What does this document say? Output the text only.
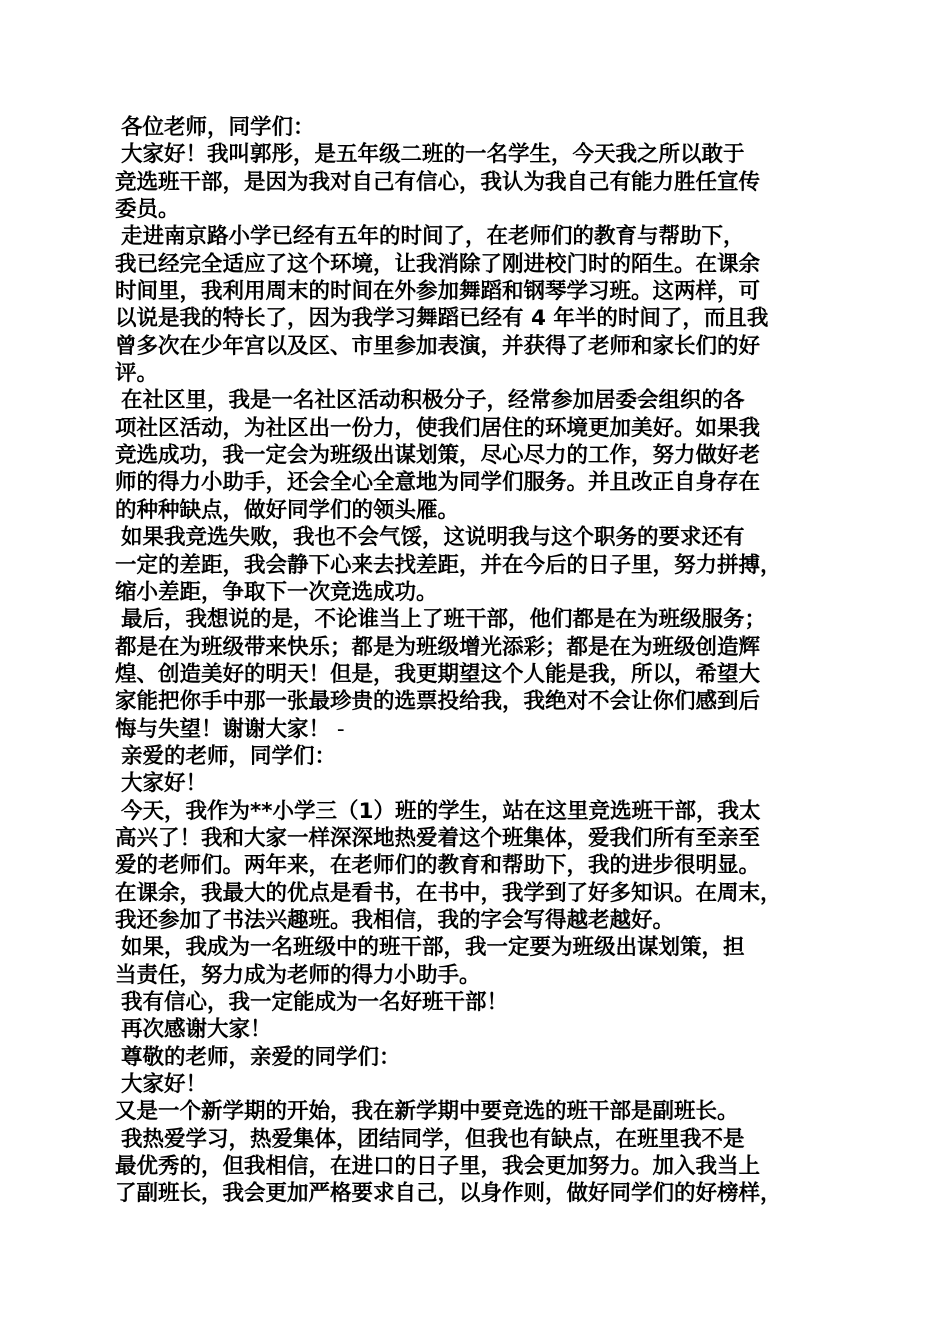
各位老师，同学们：
大家好！我叫郭彤，是五年级二班的一名学生，今天我之所以敢于
竞选班干部，是因为我对自己有信心，我认为我自己有能力胜任宣传
委员。
走进南京路小学已经有五年的时间了，在老师们的教育与帮助下，
我已经完全适应了这个环境，让我消除了刚进校门时的陌生。在课余
时间里，我利用周末的时间在外参加舞蹈和钢琴学习班。这两样，可
以说是我的特长了，因为我学习舞蹈已经有 4 年半的时间了，而且我
曾多次在少年宫以及区、市里参加表演，并获得了老师和家长们的好
评。
在社区里，我是一名社区活动积极分子，经常参加居委会组织的各
项社区活动，为社区出一份力，使我们居住的环境更加美好。如果我
竞选成功，我一定会为班级出谋划策，尽心尽力的工作，努力做好老
师的得力小助手，还会全心全意地为同学们服务。并且改正自身存在
的种种缺点，做好同学们的领头雁。
如果我竞选失败，我也不会气馁，这说明我与这个职务的要求还有
一定的差距，我会静下心来去找差距，并在今后的日子里，努力拼搏，
缩小差距，争取下一次竞选成功。
最后，我想说的是，不论谁当上了班干部，他们都是在为班级服务；
都是在为班级带来快乐；都是为班级增光添彩；都是在为班级创造辉
煌、创造美好的明天！但是，我更期望这个人能是我，所以，希望大
家能把你手中那一张最珍贵的选票投给我，我绝对不会让你们感到后
悔与失望！谢谢大家！ -
亲爱的老师，同学们：
大家好！
今天，我作为**小学三（1）班的学生，站在这里竞选班干部，我太
高兴了！我和大家一样深深地热爱着这个班集体，爱我们所有至亲至
爱的老师们。两年来，在老师们的教育和帮助下，我的进步很明显。
在课余，我最大的优点是看书，在书中，我学到了好多知识。在周末，
我还参加了书法兴趣班。我相信，我的字会写得越老越好。
如果，我成为一名班级中的班干部，我一定要为班级出谋划策，担
当责任，努力成为老师的得力小助手。
我有信心，我一定能成为一名好班干部！
再次感谢大家！
尊敬的老师，亲爱的同学们：
大家好！
又是一个新学期的开始，我在新学期中要竞选的班干部是副班长。
我热爱学习，热爱集体，团结同学，但我也有缺点，在班里我不是
最优秀的，但我相信，在进口的日子里，我会更加努力。加入我当上
了副班长，我会更加严格要求自己，以身作则，做好同学们的好榜样，
